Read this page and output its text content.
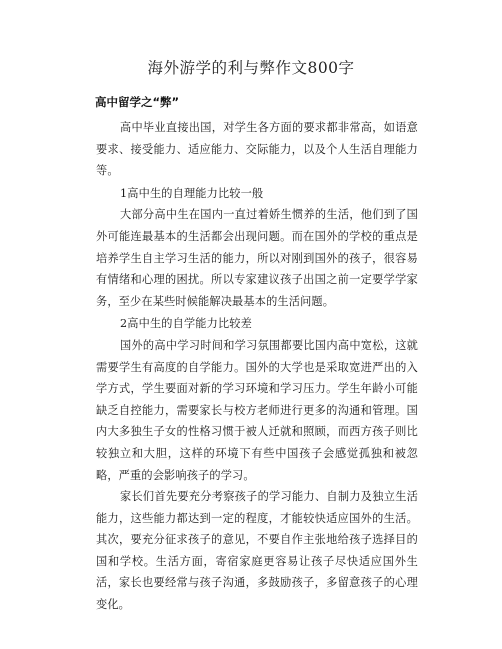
海外游学的利与弊作文800字
高中留学之“弊”

高中毕业直接出国，对学生各方面的要求都非常高，如语意要求、接受能力、适应能力、交际能力，以及个人生活自理能力等。

1高中生的自理能力比较一般

大部分高中生在国内一直过着娇生惯养的生活，他们到了国外可能连最基本的生活都会出现问题。而在国外的学校的重点是培养学生自主学习生活的能力，所以对刚到国外的孩子，很容易有情绪和心理的困扰。所以专家建议孩子出国之前一定要学学家务，至少在某些时候能解决最基本的生活问题。

2高中生的自学能力比较差

国外的高中学习时间和学习氛围都要比国内高中宽松，这就需要学生有高度的自学能力。国外的大学也是采取宽进严出的入学方式，学生要面对新的学习环境和学习压力。学生年龄小可能缺乏自控能力，需要家长与校方老师进行更多的沟通和管理。国内大多独生子女的性格习惯于被人迁就和照顾，而西方孩子则比较独立和大胆，这样的环境下有些中国孩子会感觉孤独和被忽略，严重的会影响孩子的学习。

家长们首先要充分考察孩子的学习能力、自制力及独立生活能力，这些能力都达到一定的程度，才能较快适应国外的生活。其次，要充分征求孩子的意见，不要自作主张地给孩子选择目的国和学校。生活方面，寄宿家庭更容易让孩子尽快适应国外生活，家长也要经常与孩子沟通，多鼓励孩子，多留意孩子的心理变化。
